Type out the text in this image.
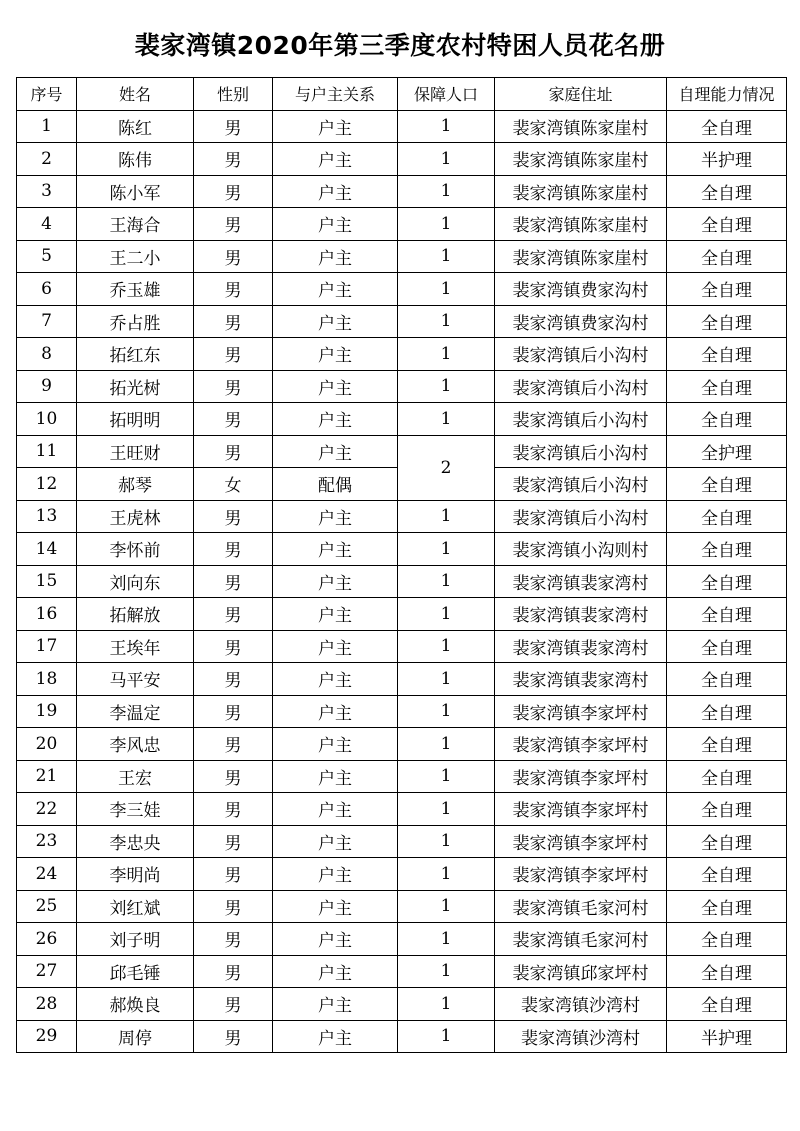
裴家湾镇2020年第三季度农村特困人员花名册
序号	姓名	性别	与户主关系	保障人口	家庭住址	自理能力情况
1	陈红	男	户主	1	裴家湾镇陈家崖村	全自理
2	陈伟	男	户主	1	裴家湾镇陈家崖村	半护理
3	陈小军	男	户主	1	裴家湾镇陈家崖村	全自理
4	王海合	男	户主	1	裴家湾镇陈家崖村	全自理
5	王二小	男	户主	1	裴家湾镇陈家崖村	全自理
6	乔玉雄	男	户主	1	裴家湾镇费家沟村	全自理
7	乔占胜	男	户主	1	裴家湾镇费家沟村	全自理
8	拓红东	男	户主	1	裴家湾镇后小沟村	全自理
9	拓光树	男	户主	1	裴家湾镇后小沟村	全自理
10	拓明明	男	户主	1	裴家湾镇后小沟村	全自理
11	王旺财	男	户主	2	裴家湾镇后小沟村	全护理
12	郝琴	女	配偶		裴家湾镇后小沟村	全自理
13	王虎林	男	户主	1	裴家湾镇后小沟村	全自理
14	李怀前	男	户主	1	裴家湾镇小沟则村	全自理
15	刘向东	男	户主	1	裴家湾镇裴家湾村	全自理
16	拓解放	男	户主	1	裴家湾镇裴家湾村	全自理
17	王埃年	男	户主	1	裴家湾镇裴家湾村	全自理
18	马平安	男	户主	1	裴家湾镇裴家湾村	全自理
19	李温定	男	户主	1	裴家湾镇李家坪村	全自理
20	李风忠	男	户主	1	裴家湾镇李家坪村	全自理
21	王宏	男	户主	1	裴家湾镇李家坪村	全自理
22	李三娃	男	户主	1	裴家湾镇李家坪村	全自理
23	李忠央	男	户主	1	裴家湾镇李家坪村	全自理
24	李明尚	男	户主	1	裴家湾镇李家坪村	全自理
25	刘红斌	男	户主	1	裴家湾镇毛家河村	全自理
26	刘子明	男	户主	1	裴家湾镇毛家河村	全自理
27	邱毛锤	男	户主	1	裴家湾镇邱家坪村	全自理
28	郝焕良	男	户主	1	裴家湾镇沙湾村	全自理
29	周停	男	户主	1	裴家湾镇沙湾村	半护理
